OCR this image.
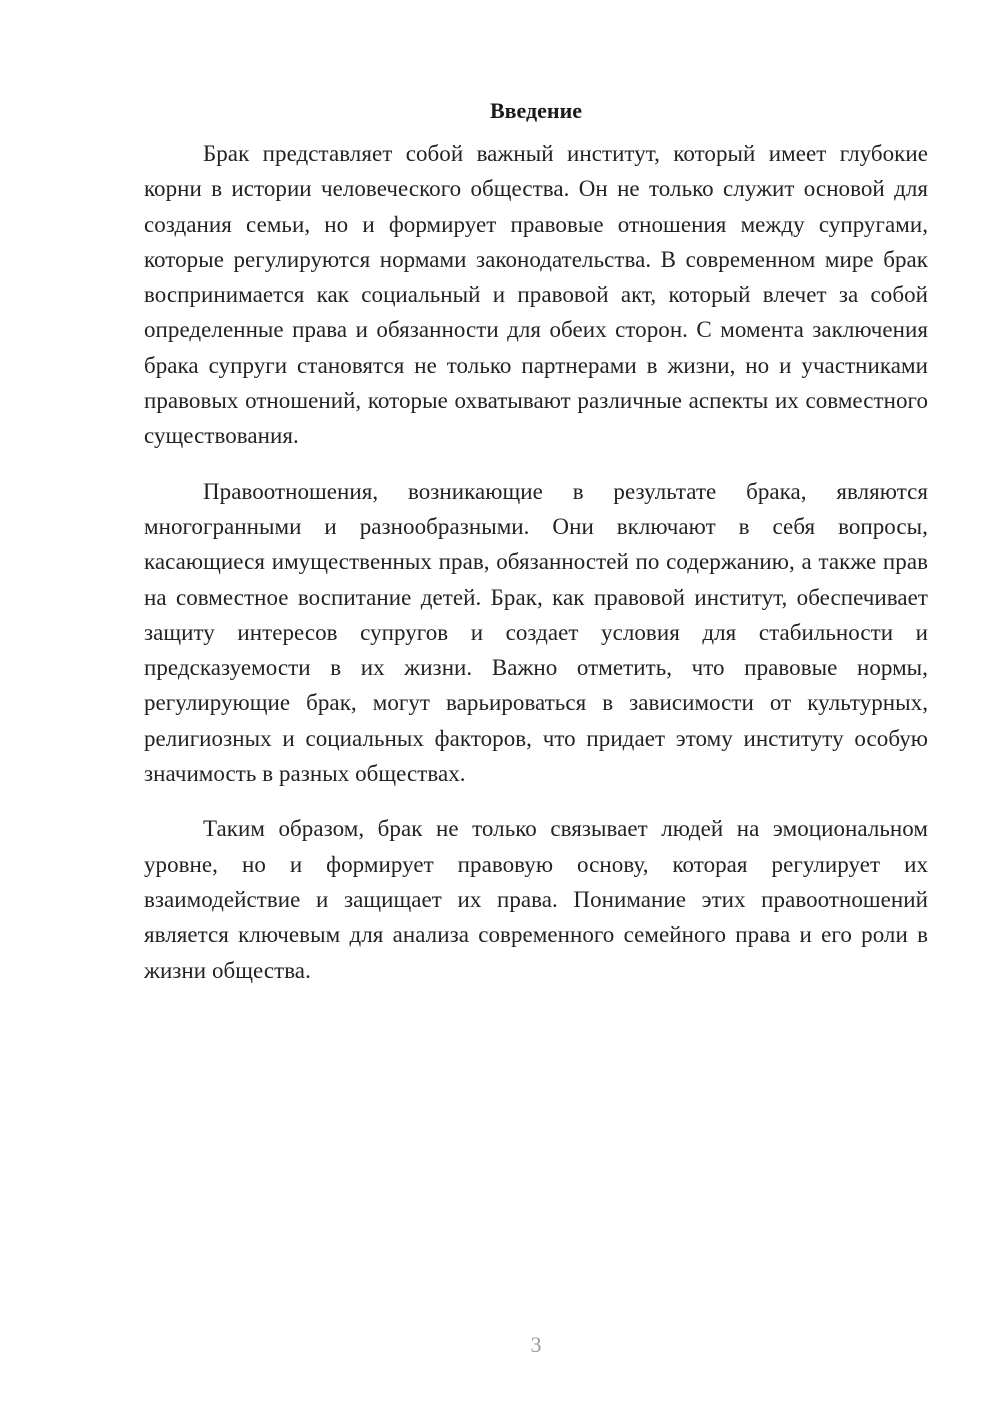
Введение

Брак представляет собой важный институт, который имеет глубокие корни в истории человеческого общества. Он не только служит основой для создания семьи, но и формирует правовые отношения между супругами, которые регулируются нормами законодательства. В современном мире брак воспринимается как социальный и правовой акт, который влечет за собой определенные права и обязанности для обеих сторон. С момента заключения брака супруги становятся не только партнерами в жизни, но и участниками правовых отношений, которые охватывают различные аспекты их совместного существования.

Правоотношения, возникающие в результате брака, являются многогранными и разнообразными. Они включают в себя вопросы, касающиеся имущественных прав, обязанностей по содержанию, а также прав на совместное воспитание детей. Брак, как правовой институт, обеспечивает защиту интересов супругов и создает условия для стабильности и предсказуемости в их жизни. Важно отметить, что правовые нормы, регулирующие брак, могут варьироваться в зависимости от культурных, религиозных и социальных факторов, что придает этому институту особую значимость в разных обществах.

Таким образом, брак не только связывает людей на эмоциональном уровне, но и формирует правовую основу, которая регулирует их взаимодействие и защищает их права. Понимание этих правоотношений является ключевым для анализа современного семейного права и его роли в жизни общества.

3
